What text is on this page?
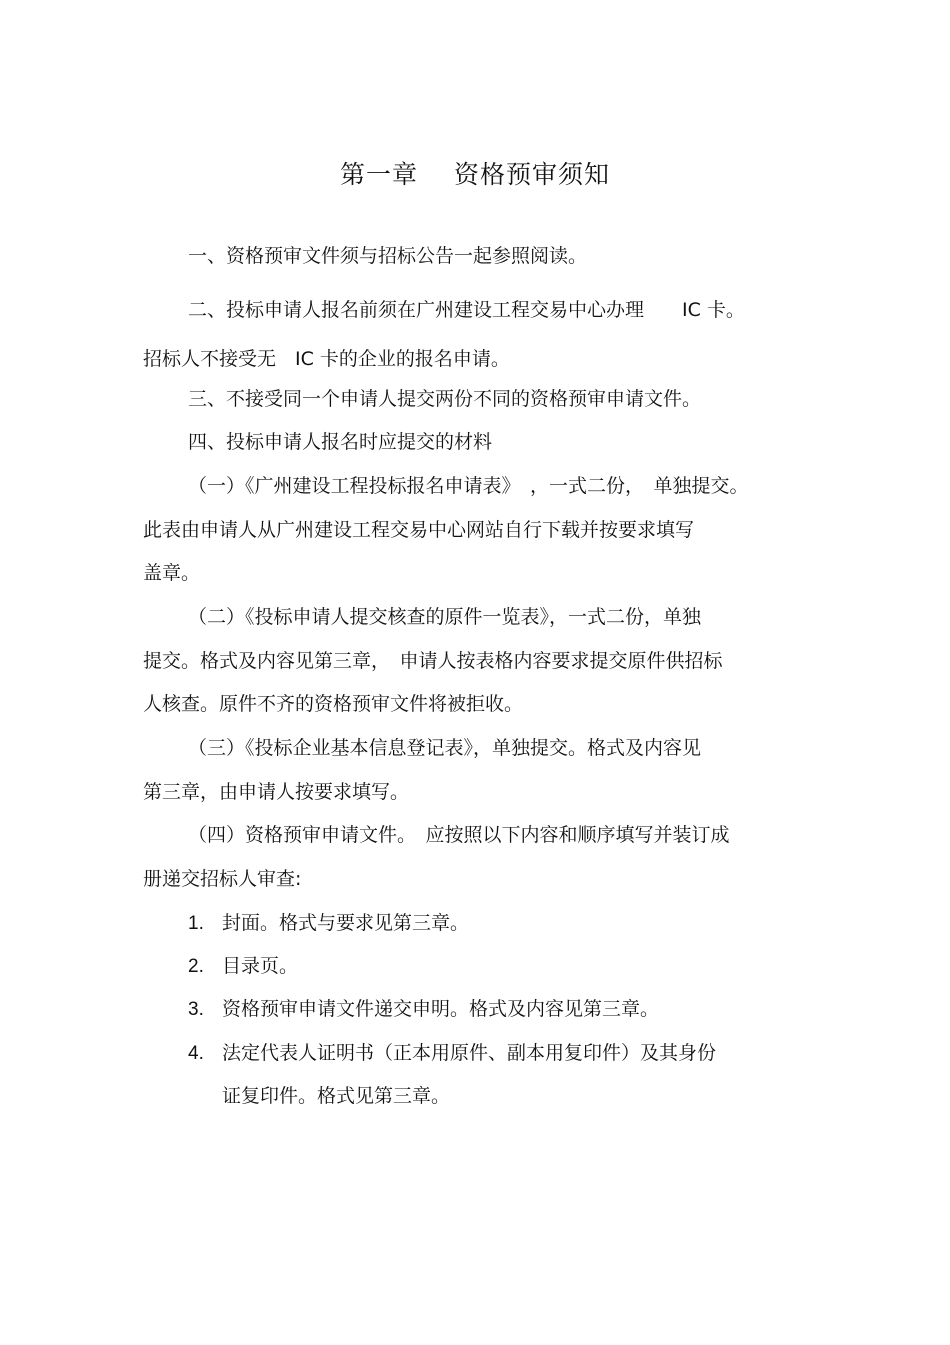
第一章 资格预审须知
一、资格预审文件须与招标公告一起参照阅读。
二、投标申请人报名前须在广州建设工程交易中心办理　　IC 卡。
招标人不接受无　IC 卡的企业的报名申请。
三、不接受同一个申请人提交两份不同的资格预审申请文件。
四、投标申请人报名时应提交的材料
（一）《广州建设工程投标报名申请表》　，一式二份，　单独提交。
此表由申请人从广州建设工程交易中心网站自行下载并按要求填写
盖章。
（二）《投标申请人提交核查的原件一览表》，一式二份，单独
提交。格式及内容见第三章，　申请人按表格内容要求提交原件供招标
人核查。原件不齐的资格预审文件将被拒收。
（三）《投标企业基本信息登记表》，单独提交。格式及内容见
第三章，由申请人按要求填写。
（四）资格预审申请文件。　应按照以下内容和顺序填写并装订成
册递交招标人审查:
1. 封面。格式与要求见第三章。
2. 目录页。
3. 资格预审申请文件递交申明。格式及内容见第三章。
4. 法定代表人证明书（正本用原件、副本用复印件）及其身份
证复印件。格式见第三章。
